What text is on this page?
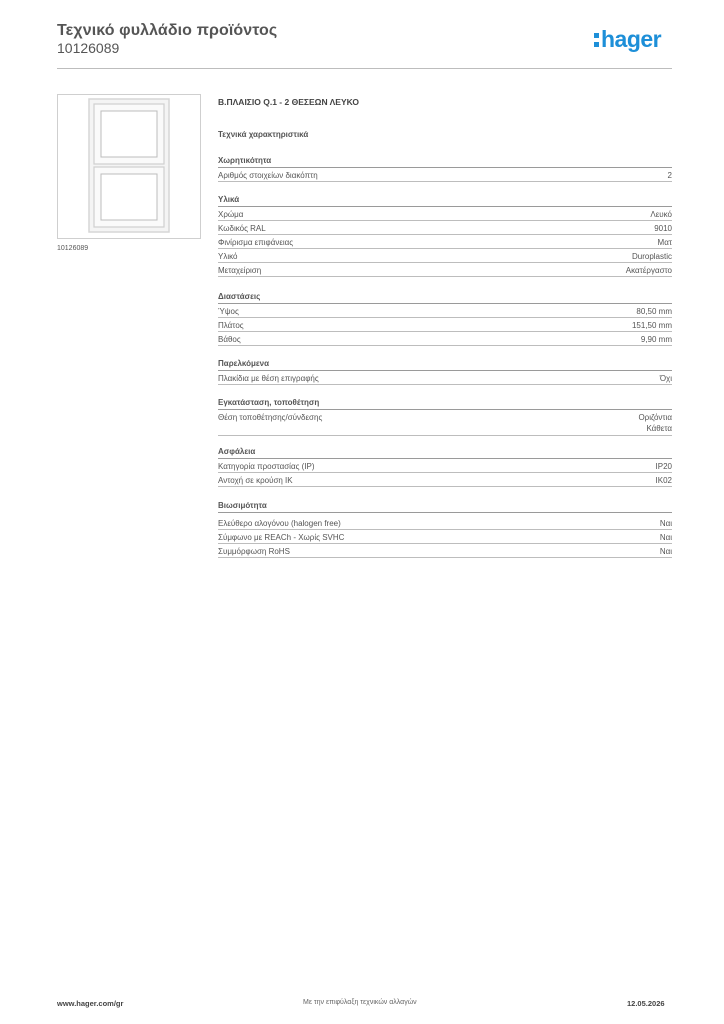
Τεχνικό φυλλάδιο προϊόντος
10126089	hager
10126089
Β.ΠΛΑΙΣΙΟ Q.1 - 2 ΘΕΣΕΩΝ ΛΕΥΚΟ
Τεχνικά χαρακτηριστικά
Χωρητικότητα
Αριθμός στοιχείων διακόπτη	2
Υλικά
Χρώμα	Λευκό
Κωδικός RAL	9010
Φινίρισμα επιφάνειας	Ματ
Υλικό	Duroplastic
Μεταχείριση	Ακατέργαστο
Διαστάσεις
Ύψος	80,50 mm
Πλάτος	151,50 mm
Βάθος	9,90 mm
Παρελκόμενα
Πλακίδια με θέση επιγραφής	Όχι
Εγκατάσταση, τοποθέτηση
Θέση τοποθέτησης/σύνδεσης	Οριζόντια
Κάθετα
Ασφάλεια
Κατηγορία προστασίας (IP)	IP20
Αντοχή σε κρούση IK	IK02
Βιωσιμότητα
Ελεύθερο αλογόνου (halogen free)	Ναι
Σύμφωνο με REACh - Χωρίς SVHC	Ναι
Συμμόρφωση RoHS	Ναι
www.hager.com/gr	Με την επιφύλαξη τεχνικών αλλαγών	12.05.2026
